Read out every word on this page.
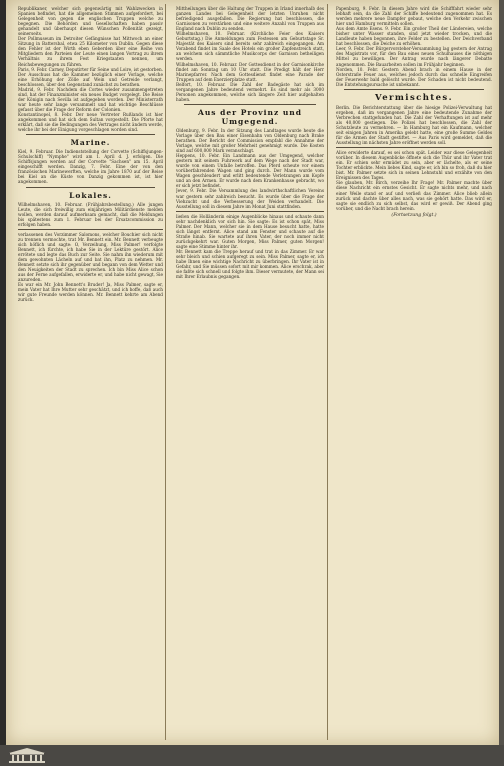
Republikaner, welcher sich gegenwärtig mit Wahlzwecken in Spanien befindet, hat die allgemeinen Stimmen aufgefordert, bei Gelegenheit von gegen die englischen Truppen welche zu begegnen. Die Behörden und Gesellschaften haben passiv gehandelt und überhaupt diesen Wünschen Pollenität gezeigt, seinerseits.

Der Pollmuseum im Detroiter Gefängnisse hat Mittwoch an einer Sitzung in Battersbal, etwa 25 Kilometer von Dublin. Gegen diese den Fehler ist der Wirth eben Geberden über eine Reihe von Mitgliedern den Parteien der Leute einen langen Vortrag zu ihrem Verhältnis zu ihrem Fest Kriegstaaten nennen, um Reichsbewegungen zu führen.

Paris, 9. Febr. Carney, Deputirter für Seine und Loire, ist gestorben. Der Ausschuss hat die Kammer bezüglich einer Vorlage, welche eine Erhöhung der Zölle auf Wein und Getreide verlangt, beschlossen, über den Gegenstand zunächst zu berathen.

Madrid, 9. Febr. Nachdem die Cortes wieder zusammengetreten sind, hat der Finanzminister ein neues Budget vorgelegt. Die Reise der Königin nach Sevilla ist aufgegeben worden. Der Ministerrath war heute sehr lange versammelt und hat wichtige Beschlüsse gefasst über die Frage der Reform der Colonien.

Konstantinopel, 8. Febr. Der neue Vertreter Rußlands ist hier angekommen und hat sich dem Sultan vorgestellt. Die Pforte hat erklärt, daß sie die Bedingungen des Vertrages nicht ändern werde, welche ihr bei der Einigung vorgeschlagen worden sind.

Marine.

Kiel, 9. Februar. Die Indienststellung der Corvette (Schiffsjungen-Schulschiff) "Nymphe" wird am 1. April d. J. erfolgen. Die Schiffsjungen werden auf der Corvette "Sachsen" am 15. April eingeschifft werden. Danzig, 7. Febr. Eine der von den französischen Marinewerften, welche im Jahre 1870 auf der Reise bei Kiel an die Küste von Danzig gekommen ist, ist hier angekommen.

Lokales.

Wilhelmshaven, 10. Februar. (Frühjahrsbestellung.) Alle jungen Leute, die sich freiwillig zum einjährigen Militärdienste melden wollen, werden darauf aufmerksam gemacht, daß die Meldungen bis spätestens zum 1. Februar bei der Ersatzcommission zu erfolgen haben.

verlassenen des Vorzimmer Salomons, welcher Bouchier sich nicht zu trennen vermochte, trat Mr. Bennett ein. Mr. Bennett verbeugte sich höflich und sagte: O, Verzeihung, Miss Palmer! verfolgte Bennett, ich fürchte, ich habe Sie in der Lektüre gestört. Alice errötete und legte das Buch zur Seite. Sie nahm ihn wiederum mit dem gewohnten Lächeln auf und bat ihn, Platz zu nehmen. Mr. Bennett setzte sich ihr gegenüber und begann von dem Wetter und den Neuigkeiten der Stadt zu sprechen. Ich bin Miss Alice schon aus der Ferne aufgefallen, erwiderte er, und habe nicht gewagt, Sie anzureden.

Es war ein Mr. John Bennett's Bruder! Ja, Miss Palmer, sagte er, mein Vater hat Ihre Mutter sehr geschätzt, und ich hoffe, daß auch wir gute Freunde werden können. Mr. Bennett kehrte am Abend zurück.

Mittheilungen über die Haltung der Truppen in Irland innerhalb des ganzen Landes bei Gelegenheit der letzten Unruhen nicht befriedigend ausgefallen. Die Regierung hat beschlossen, die Garnisonen zu verstärken und eine weitere Anzahl von Truppen aus England nach Dublin zu senden.

Wilhelmshaven, 10. Februar. (Kirchliche Feier des Kaisers Geburtstag.) Die Anmeldungen zum Festessen am Geburtstage Sr. Majestät des Kaisers sind bereits sehr zahlreich eingegangen. Am Vorabend findet im Saale des Hotels ein großer Zapfenstreich statt, an welchem sich sämmtliche Musikcorps der Garnison betheiligen werden.

Wilhelmshaven, 10. Februar. Der Gottesdienst in der Garnisonkirche findet am Sonntag um 10 Uhr statt. Die Predigt hält der Herr Marinepfarrer. Nach dem Gottesdienst findet eine Parade der Truppen auf dem Exerzierplatze statt.

Belfort, 10. Februar. Die Zahl der Badegäste hat sich im vergangenen Jahre bedeutend vermehrt. Es sind mehr als 3000 Personen angekommen, welche sich längere Zeit hier aufgehalten haben.

Aus der Provinz und Umgegend.

Oldenburg, 9. Febr. In der Sitzung des Landtages wurde heute die Vorlage über den Bau einer Eisenbahn von Oldenburg nach Brake berathen. Der Bericht der Commission empfahl die Annahme der Vorlage, welche mit großer Mehrheit genehmigt wurde. Die Kosten sind auf 600,000 Mark veranschlagt.

Heppens, 10. Febr. Ein Landmann aus der Umgegend, welcher gestern mit seinem Fuhrwerk auf dem Wege nach der Stadt war, wurde von einem Unfalle betroffen. Das Pferd scheute vor einem vorüberfahrenden Wagen und ging durch. Der Mann wurde vom Wagen geschleudert und erlitt bedeutende Verletzungen am Kopfe und an den Armen. Er wurde nach dem Krankenhause gebracht, wo er sich jetzt befindet.

Jever, 9. Febr. Die Versammlung des landwirthschaftlichen Vereins war gestern sehr zahlreich besucht. Es wurde über die Frage der Viehzucht und die Verbesserung der Weiden verhandelt. Die Ausstellung soll in diesem Jahre im Monat Juni stattfinden.

ließen die Holländerin einige Augenblicke hinaus und schaute dann sehr nachdenklich vor sich hin. Sie sagte: Es ist schon spät, Miss Palmer. Der Mann, welcher sie in dem Hause besucht hatte, hatte sich längst entfernt. Alice stand am Fenster und schaute auf die Straße hinab. Sie wartete auf ihren Vater, der noch immer nicht zurückgekehrt war. Guten Morgen, Miss Palmer, guten Morgen! sagte eine Stimme hinter ihr.

Mr. Bennett kam die Treppe herauf und trat in das Zimmer. Er war sehr bleich und schien aufgeregt zu sein. Miss Palmer, sagte er, ich habe Ihnen eine wichtige Nachricht zu überbringen. Ihr Vater ist in Gefahr, und Sie müssen sofort mit mir kommen. Alice erschrak, aber sie faßte sich schnell und folgte ihm. Dieser vermutete, der Mann sei mit Ihrer Erlaubnis gegangen.

Papenburg, 9. Febr. In diesem Jahre wird die Schifffahrt wieder sehr lebhaft sein, da die Zahl der Schiffe bedeutend zugenommen hat. Es werden mehrere neue Dampfer gebaut, welche den Verkehr zwischen hier und Hamburg vermitteln sollen.

Aus dem Amte Esens. 9. Febr. Ein großer Theil der Ländereien, welche bisher unter Wasser standen, sind jetzt wieder trocken, und die Landleute haben begonnen, ihre Felder zu bestellen. Der Deichverband hat beschlossen, die Deiche zu erhöhen.

Leer, 9. Febr. Der Bürgervorsteher-Versammlung lag gestern der Antrag des Magistrats vor, für den Bau eines neuen Schulhauses die nöthigen Mittel zu bewilligen. Der Antrag wurde nach längerer Debatte angenommen. Die Bauarbeiten sollen im Frühjahr beginnen.

Norden, 10. Febr. Gestern Abend brach in einem Hause in der Osterstraße Feuer aus, welches jedoch durch das schnelle Eingreifen der Feuerwehr bald gelöscht wurde. Der Schaden ist nicht bedeutend. Die Entstehungsursache ist unbekannt.

Vermischtes.

Berlin. Die Berichterstattung über die hiesige Polizei-Verwaltung hat ergeben, daß im vergangenen Jahre eine bedeutende Zunahme der Verbrechen stattgefunden hat. Die Zahl der Verhaftungen ist auf mehr als 40,000 gestiegen. Die Polizei hat beschlossen, die Zahl der Schutzleute zu vermehren. — In Hamburg hat ein Kaufmann, welcher seit einigen Jahren in Amerika gelebt hatte, eine große Summe Geldes für die Armen der Stadt gestiftet. — Aus Paris wird gemeldet, daß die Ausstellung im nächsten Jahre eröffnet werden soll.

Alice erwiderte darauf, es sei schon spät. Leider war diese Gelegenheit vorüber. In diesem Augenblicke öffnete sich die Thür und ihr Vater trat ein. Er schien sehr ermüdet zu sein, aber er lächelte, als er seine Tochter erblickte. Mein liebes Kind, sagte er, ich bin so froh, daß du hier bist. Mr. Palmer setzte sich in seinen Lehnstuhl und erzählte von den Ereignissen des Tages.

Sie glauben, Mr. Birch, verzeihe Ihr Frage! Mr. Palmer machte über diese Nachricht ein ernstes Gesicht. Er sagte nichts mehr, und nach einer Weile stand er auf und verließ das Zimmer. Alice blieb allein zurück und dachte über alles nach, was sie gehört hatte. Das wird er, sagte sie endlich zu sich selbst, das wird er gewiß. Der Abend ging vorüber, und die Nacht brach herein.

(Fortsetzung folgt.)
